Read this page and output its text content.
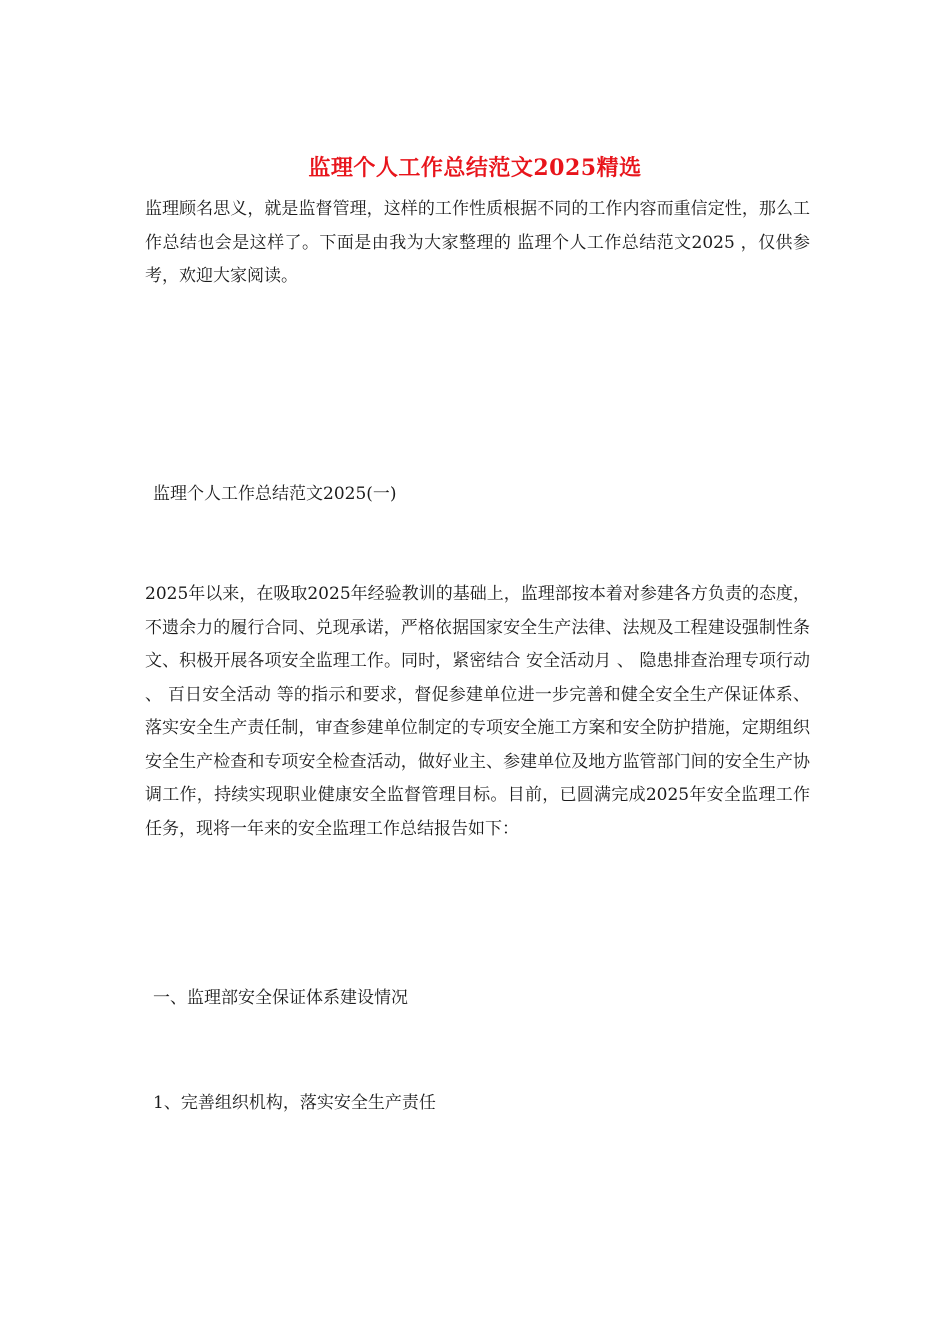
监理个人工作总结范文2025精选

监理顾名思义，就是监督管理，这样的工作性质根据不同的工作内容而重信定性，那么工作总结也会是这样了。下面是由我为大家整理的 监理个人工作总结范文2025 ，仅供参考，欢迎大家阅读。

监理个人工作总结范文2025(一)

2025年以来，在吸取2025年经验教训的基础上，监理部按本着对参建各方负责的态度，不遗余力的履行合同、兑现承诺，严格依据国家安全生产法律、法规及工程建设强制性条文、积极开展各项安全监理工作。同时，紧密结合 安全活动月 、 隐患排查治理专项行动 、 百日安全活动 等的指示和要求，督促参建单位进一步完善和健全安全生产保证体系、落实安全生产责任制，审查参建单位制定的专项安全施工方案和安全防护措施，定期组织安全生产检查和专项安全检查活动，做好业主、参建单位及地方监管部门间的安全生产协调工作，持续实现职业健康安全监督管理目标。目前，已圆满完成2025年安全监理工作任务，现将一年来的安全监理工作总结报告如下：

一、监理部安全保证体系建设情况

1、完善组织机构，落实安全生产责任
